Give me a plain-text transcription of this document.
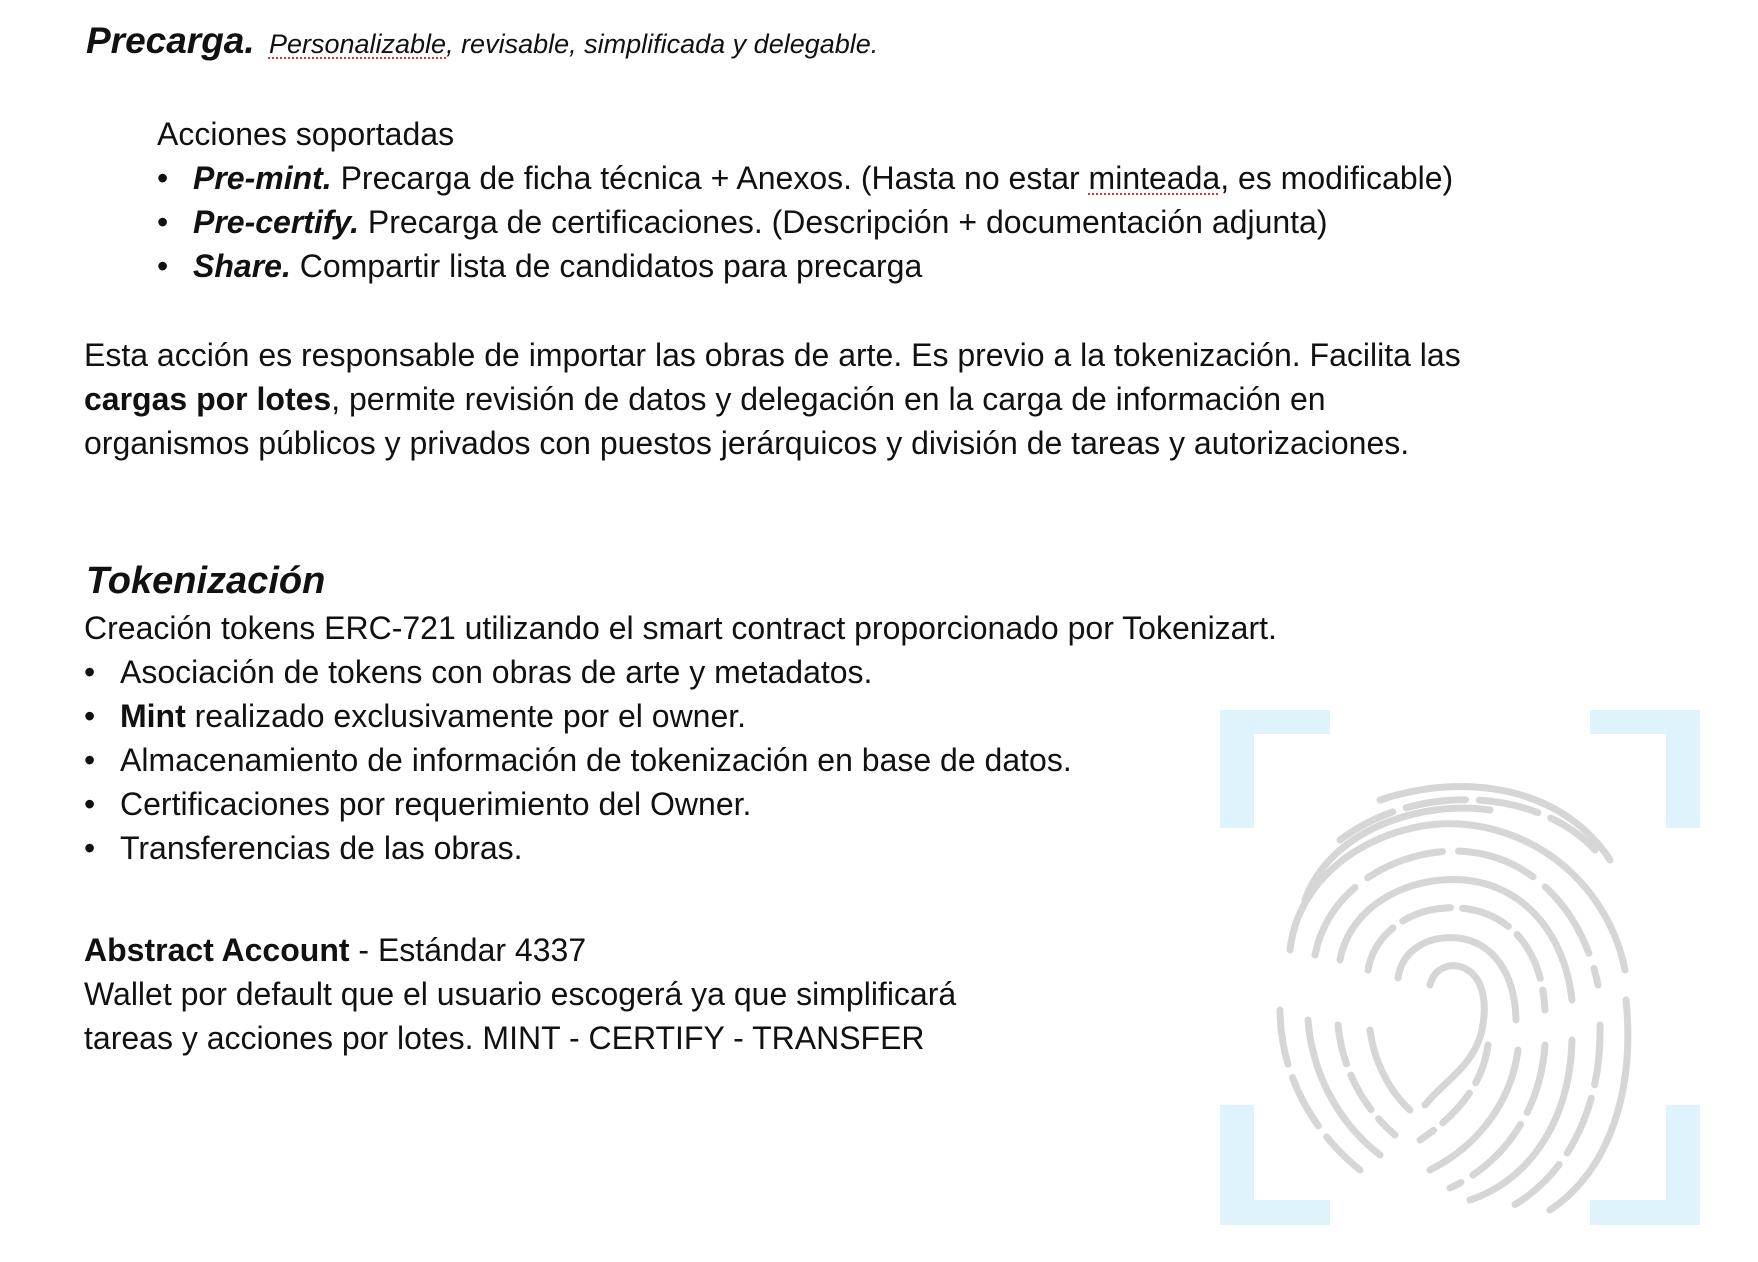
Precarga. Personalizable, revisable, simplificada y delegable.
Acciones soportadas
• Pre-mint. Precarga de ficha técnica + Anexos. (Hasta no estar minteada, es modificable)
• Pre-certify. Precarga de certificaciones. (Descripción + documentación adjunta)
• Share. Compartir lista de candidatos para precarga
Esta acción es responsable de importar las obras de arte. Es previo a la tokenización. Facilita las
cargas por lotes, permite revisión de datos y delegación en la carga de información en
organismos públicos y privados con puestos jerárquicos y división de tareas y autorizaciones.
Tokenización
Creación tokens ERC-721 utilizando el smart contract proporcionado por Tokenizart.
• Asociación de tokens con obras de arte y metadatos.
• Mint realizado exclusivamente por el owner.
• Almacenamiento de información de tokenización en base de datos.
• Certificaciones por requerimiento del Owner.
• Transferencias de las obras.
Abstract Account - Estándar 4337
Wallet por default que el usuario escogerá ya que simplificará
tareas y acciones por lotes. MINT - CERTIFY - TRANSFER
